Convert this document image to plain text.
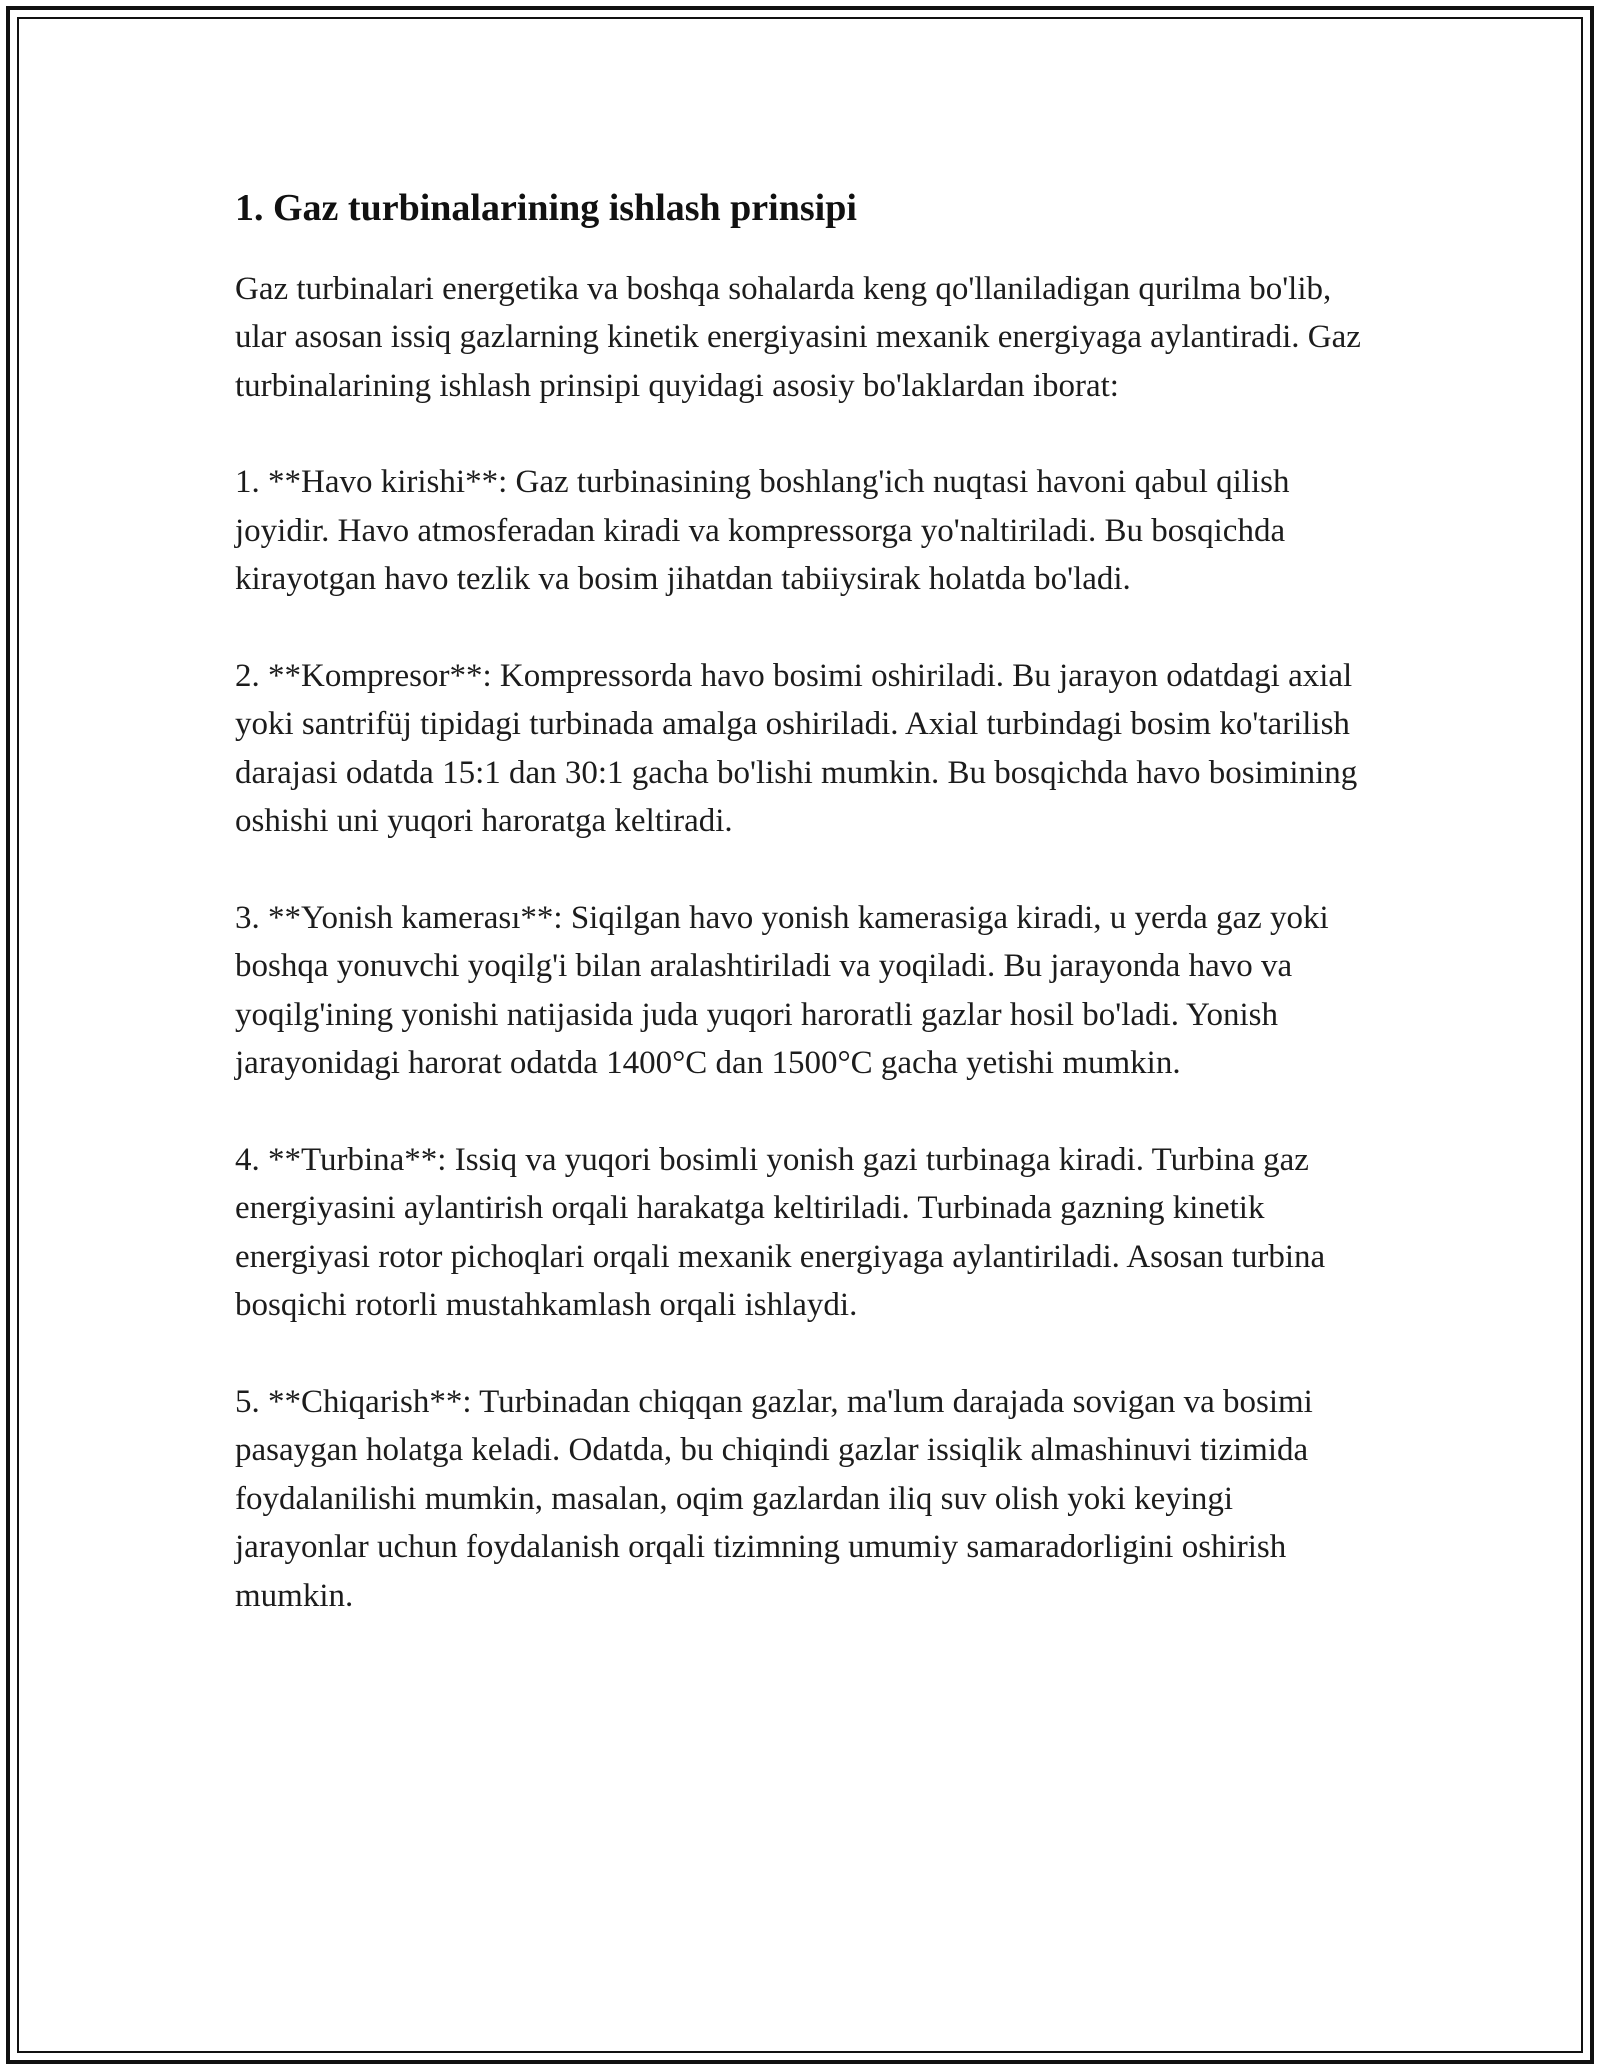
1. Gaz turbinalarining ishlash prinsipi

Gaz turbinalari energetika va boshqa sohalarda keng qo'llaniladigan qurilma bo'lib, ular asosan issiq gazlarning kinetik energiyasini mexanik energiyaga aylantiradi. Gaz turbinalarining ishlash prinsipi quyidagi asosiy bo'laklardan iborat:

1. **Havo kirishi**: Gaz turbinasining boshlang'ich nuqtasi havoni qabul qilish joyidir. Havo atmosferadan kiradi va kompressorga yo'naltiriladi. Bu bosqichda kirayotgan havo tezlik va bosim jihatdan tabiiysirak holatda bo'ladi.

2. **Kompresor**: Kompressorda havo bosimi oshiriladi. Bu jarayon odatdagi axial yoki santrifüj tipidagi turbinada amalga oshiriladi. Axial turbindagi bosim ko'tarilish darajasi odatda 15:1 dan 30:1 gacha bo'lishi mumkin. Bu bosqichda havo bosimining oshishi uni yuqori haroratga keltiradi.

3. **Yonish kamerası**: Siqilgan havo yonish kamerasiga kiradi, u yerda gaz yoki boshqa yonuvchi yoqilg'i bilan aralashtiriladi va yoqiladi. Bu jarayonda havo va yoqilg'ining yonishi natijasida juda yuqori haroratli gazlar hosil bo'ladi. Yonish jarayonidagi harorat odatda 1400°C dan 1500°C gacha yetishi mumkin.

4. **Turbina**: Issiq va yuqori bosimli yonish gazi turbinaga kiradi. Turbina gaz energiyasini aylantirish orqali harakatga keltiriladi. Turbinada gazning kinetik energiyasi rotor pichoqlari orqali mexanik energiyaga aylantiriladi. Asosan turbina bosqichi rotorli mustahkamlash orqali ishlaydi.

5. **Chiqarish**: Turbinadan chiqqan gazlar, ma'lum darajada sovigan va bosimi pasaygan holatga keladi. Odatda, bu chiqindi gazlar issiqlik almashinuvi tizimida foydalanilishi mumkin, masalan, oqim gazlardan iliq suv olish yoki keyingi jarayonlar uchun foydalanish orqali tizimning umumiy samaradorligini oshirish mumkin.
